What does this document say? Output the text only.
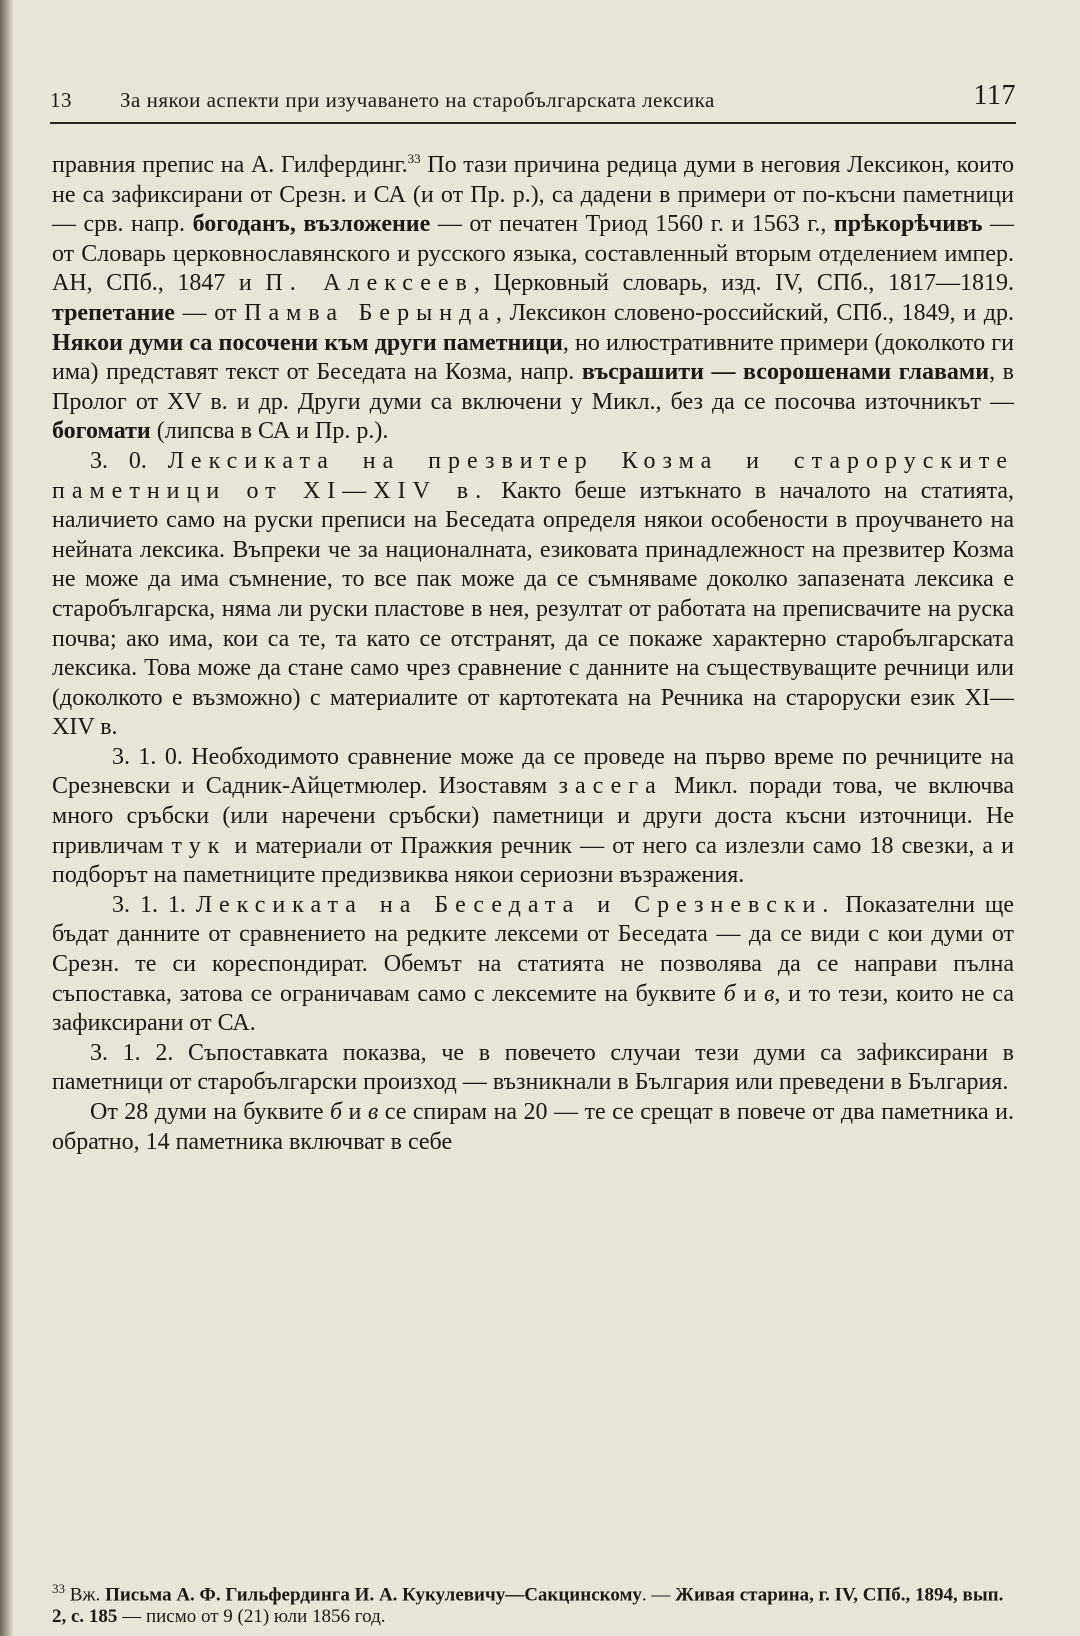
13 За някои аспекти при изучаването на старобългарската лексика	117

правния препис на А. Гилфердинг.$^{33}$ По тази причина редица думи в неговия Лексикон, които не са зафиксирани от Срезн. и СА (и от Пр. р.), са дадени в примери от по-късни паметници — срв. напр. богоданъ, възложение — от печатен Триод 1560 г. и 1563 г., прѣкорѣчивъ — от Словарь церковнославянского и русского языка, составленный вторым отделением импер. АН, СПб., 1847 и П. Алексеев, Церковный словарь, изд. IV, СПб., 1817—1819. трепетание — от Памва Берында, Лексикон словено-российский, СПб., 1849, и др. Някои думи са посочени към други паметници, но илюстративните примери (доколкото ги има) представят текст от Беседата на Козма, напр. въсрашити — всорошенами главами, в Пролог от XV в. и др. Други думи са включени у Микл., без да се посочва източникът — богомати (липсва в СА и Пр. р.).

3. 0. Лексиката на презвитер Козма и староруските паметници от XI—XIV в. Както беше изтъкнато в началото на статията, наличието само на руски преписи на Беседата определя някои особености в проучването на нейната лексика. Въпреки че за националната, езиковата принадлежност на презвитер Козма не може да има съмнение, то все пак може да се съмняваме доколко запазената лексика е старобългарска, няма ли руски пластове в нея, резултат от работата на преписвачите на руска почва; ако има, кои са те, та като се отстранят, да се покаже характерно старобългарската лексика. Това може да стане само чрез сравнение с данните на съществуващите речници или (доколкото е възможно) с материалите от картотеката на Речника на староруски език XI—XIV в.

3. 1. 0. Необходимото сравнение може да се проведе на първо време по речниците на Срезневски и Садник-Айцетмюлер. Изоставям засега Микл. поради това, че включва много сръбски (или наречени сръбски) паметници и други доста късни източници. Не привличам тук и материали от Пражкия речник — от него са излезли само 18 свезки, а и подборът на паметниците предизвиква някои сериозни възражения.

3. 1. 1. Лексиката на Беседата и Срезневски. Показателни ще бъдат данните от сравнението на редките лексеми от Беседата — да се види с кои думи от Срезн. те си кореспондират. Обемът на статията не позволява да се направи пълна съпоставка, затова се ограничавам само с лексемите на буквите б и в, и то тези, които не са зафиксирани от СА.

3. 1. 2. Съпоставката показва, че в повечето случаи тези думи са зафиксирани в паметници от старобългарски произход — възникнали в България или преведени в България.

От 28 думи на буквите б и в се спирам на 20 — те се срещат в повече от два паметника и. обратно, 14 паметника включват в себе

$^{33}$ Вж. Письма А. Ф. Гильфердинга И. А. Кукулевичу—Сакцинскому. — Живая старина, г. IV, СПб., 1894, вып. 2, с. 185 — писмо от 9 (21) юли 1856 год.
